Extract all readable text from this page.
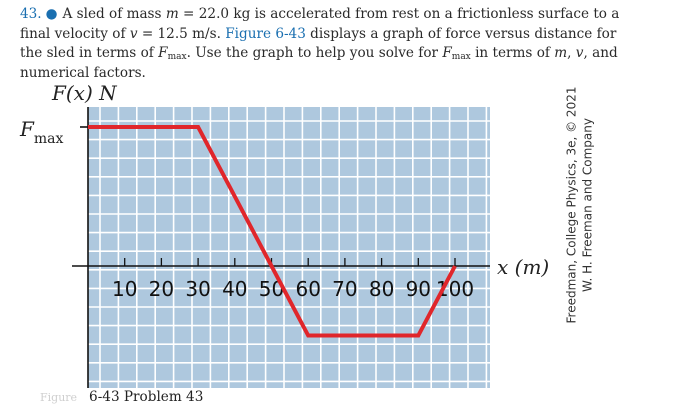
43. ● A sled of mass m = 22.0 kg is accelerated from rest on a frictionless surface to a final velocity of v = 12.5 m/s. Figure 6-43 displays a graph of force versus distance for the sled in terms of $F_{max}$. Use the graph to help you solve for $F_{max}$ in terms of m, v, and numerical factors.
F(x) N
$F_{max}$
x (m)
10 20 30 40 50 60 70 80 90 100
Figure 6-43 Problem 43
Freedman, College Physics, 3e, © 2021 W. H. Freeman and Company
